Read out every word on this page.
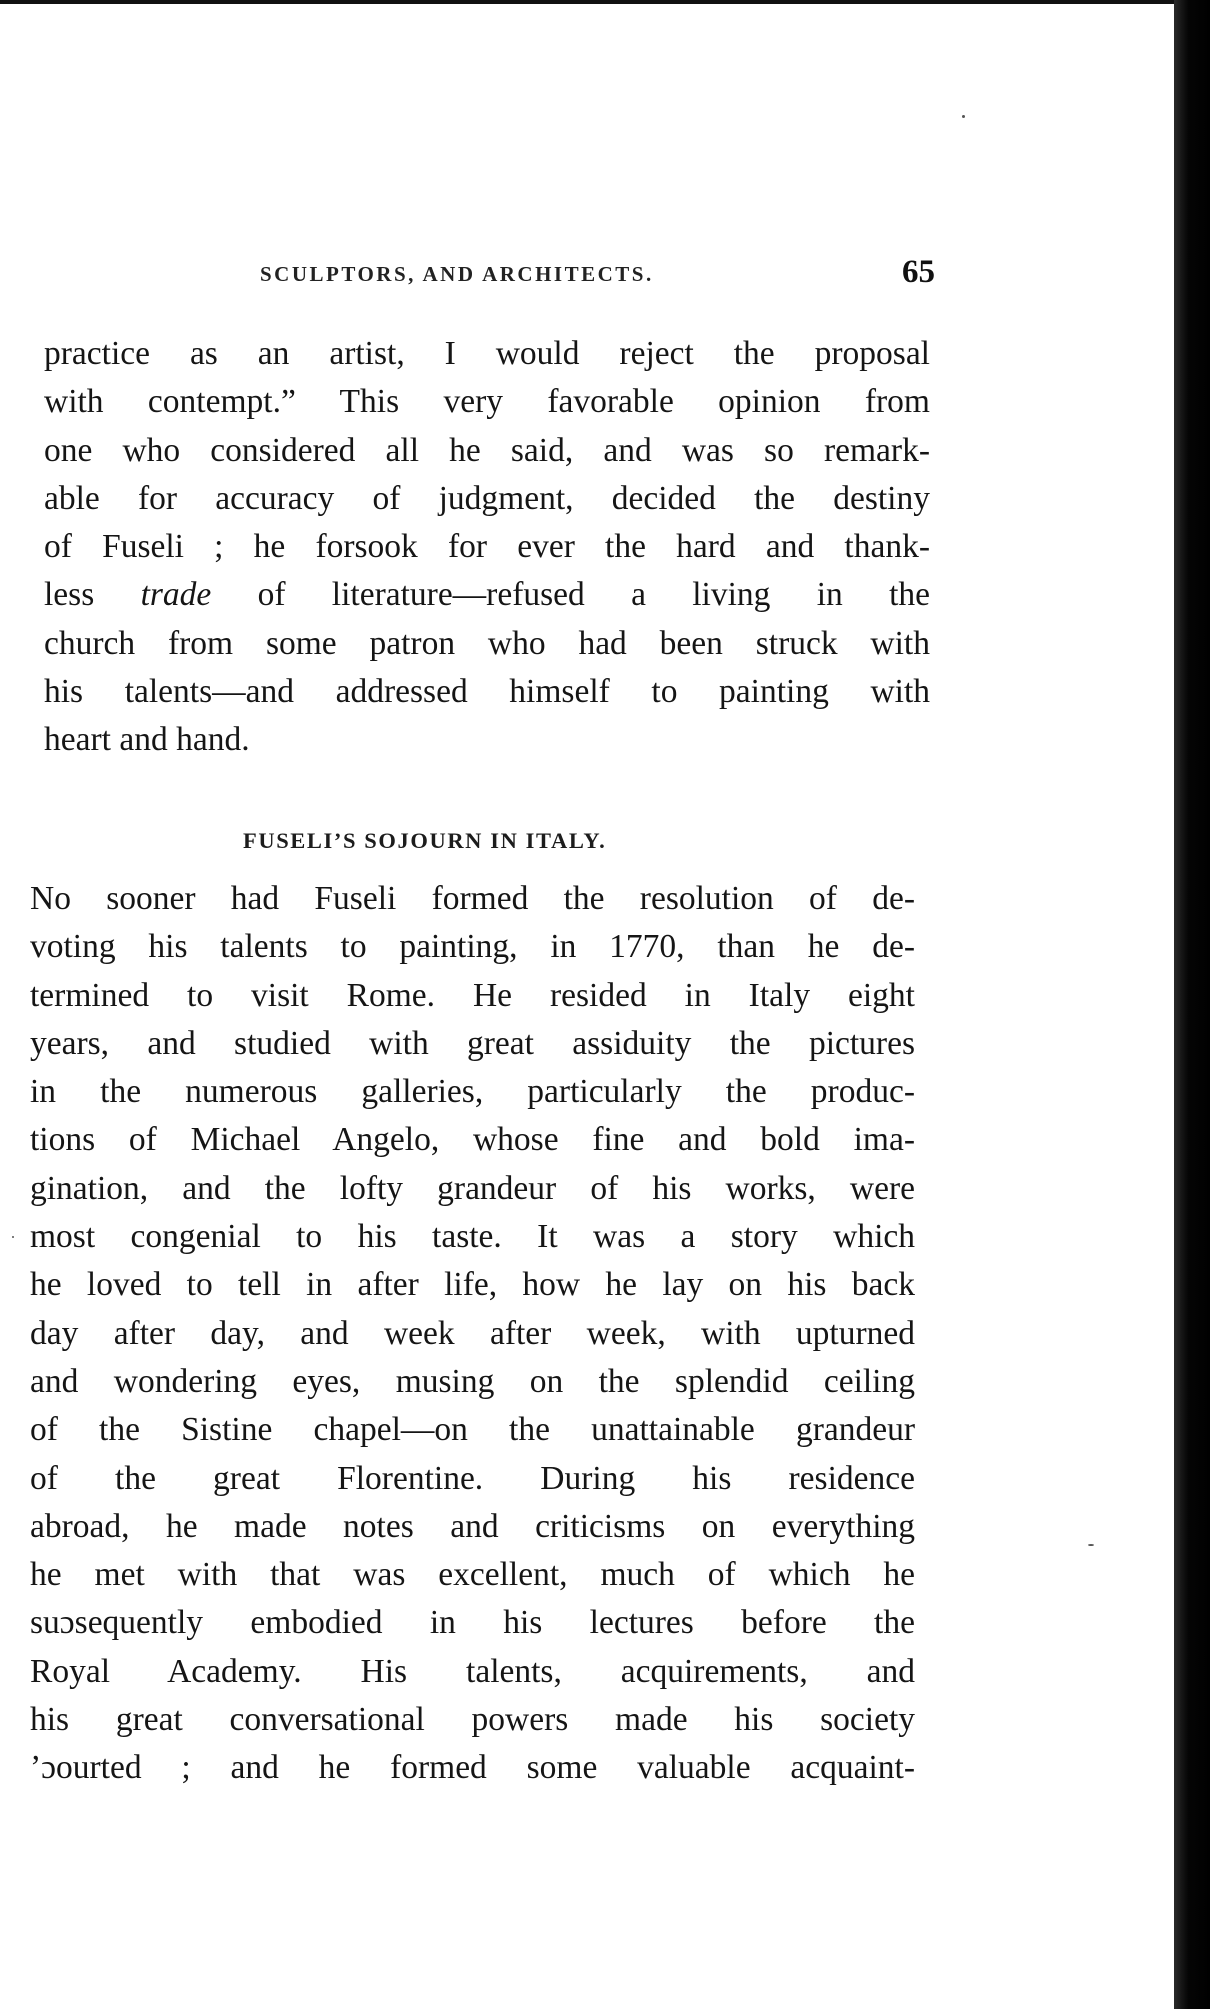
SCULPTORS, AND ARCHITECTS.	65
practice as an artist, I would reject the proposal
with contempt.” This very favorable opinion from
one who considered all he said, and was so remark-
able for accuracy of judgment, decided the destiny
of Fuseli ; he forsook for ever the hard and thank-
less trade of literature—refused a living in the
church from some patron who had been struck with
his talents—and addressed himself to painting with
heart and hand.
FUSELI’S SOJOURN IN ITALY.
No sooner had Fuseli formed the resolution of de-
voting his talents to painting, in 1770, than he de-
termined to visit Rome. He resided in Italy eight
years, and studied with great assiduity the pictures
in the numerous galleries, particularly the produc-
tions of Michael Angelo, whose fine and bold ima-
gination, and the lofty grandeur of his works, were
most congenial to his taste. It was a story which
he loved to tell in after life, how he lay on his back
day after day, and week after week, with upturned
and wondering eyes, musing on the splendid ceiling
of the Sistine chapel—on the unattainable grandeur
of the great Florentine. During his residence
abroad, he made notes and criticisms on everything
he met with that was excellent, much of which he
suɔsequently embodied in his lectures before the
Royal Academy. His talents, acquirements, and
his great conversational powers made his society
’ɔourted ; and he formed some valuable acquaint-
